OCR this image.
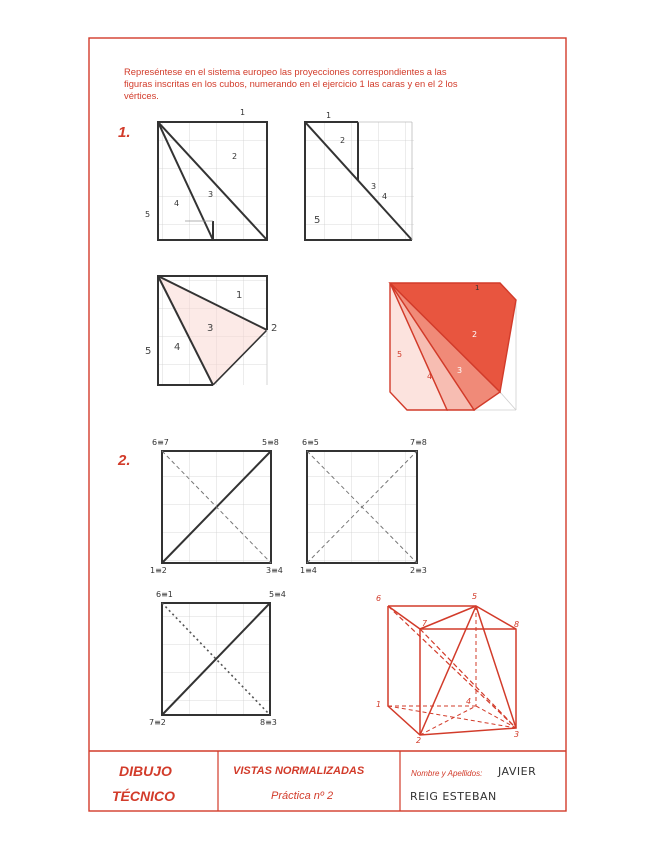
Represéntese en el sistema europeo las proyecciones correspondientes a las figuras inscritas en los cubos, numerando en el ejercicio 1 las caras y en el 2 los vértices.
1.
1
2
3
4
5
1
2
3
4
5
1
2
3
4
5
1
2
3
4
5
2.
6≡7	5≡8
1≡2	3≡4
6≡5	7≡8
1≡4	2≡3
6≡1	5≡4
7≡2	8≡3
6	5
7	8
1	4
2
3
DIBUJO
TÉCNICO
VISTAS NORMALIZADAS
Práctica nº 2
Nombre y Apellidos: JAVIER
REIG ESTEBAN
